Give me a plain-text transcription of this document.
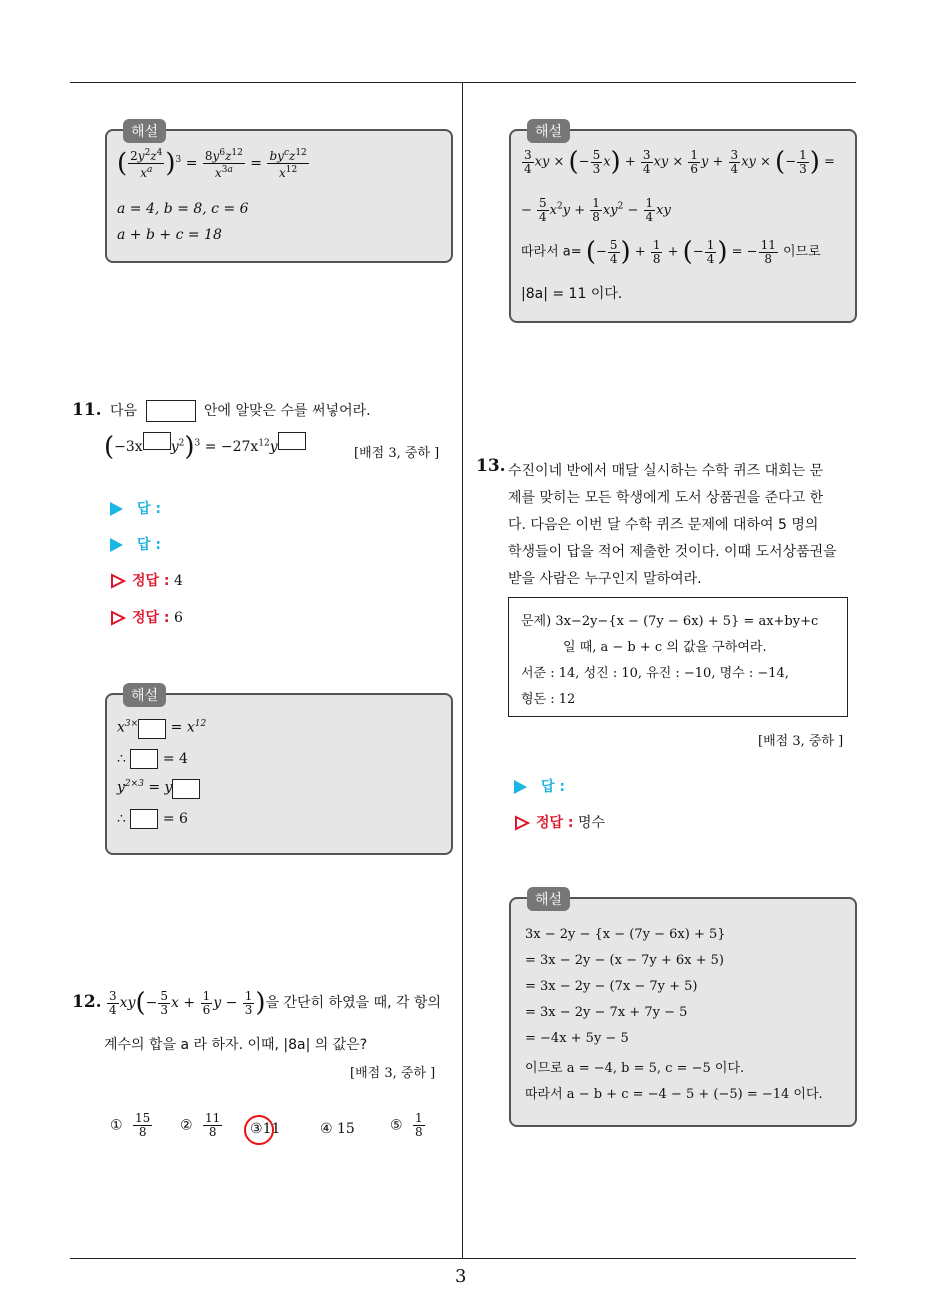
3
해설
( $\frac{2y^2z^4}{x^a} )^3 = \frac{8y^6z^{12}}{x^{3a}} = \frac{by^cz^{12}}{x^{12}}$
a = 4, b = 8, c = 6
a + b + c = 18
11. 다음	안에 알맞은 수를 써넣어라.
(−3x $y^2)^3 = -27x^{12}y$	[배점 3, 중하 ]
답 :
답 :
정답 : 4
정답 : 6
해설
$x^{3\times} = x^{12}$
∴  = 4
$y^{2\times 3} = y$
∴  = 6
12. $\frac{3}{4} xy(- \frac{5}{3}$ $x + \frac{1}{6}$ $y - \frac{1}{3}$ )을 간단히 하였을 때, 각 항의
계수의 합을 a 라 하자. 이때, |8a| 의 값은?
[배점 3, 중하 ]
① $\frac{15}{8}$ ② $\frac{11}{8}$ ③11	④ 15	⑤ $\frac{1}{8}$
해설
$\frac{3}{4}$ xy × (− $\frac{5}{3} x) + \frac{3}{4}$ xy × $\frac{1}{6}$ $y + \frac{3}{4}$ xy × (− $\frac{1}{3}$ ) =
− $\frac{5}{4} x^2y + \frac{1}{8} xy^2 - \frac{1}{4}$ xy
따라서 a= (− $\frac{5}{4}$ ) + $\frac{1}{8}$ + (− $\frac{1}{4}$ ) = − $\frac{11}{8}$ 이므로
|8a| = 11 이다.
13. 수진이네 반에서 매달 실시하는 수학 퀴즈 대회는 문
제를 맞히는 모든 학생에게 도서 상품권을 준다고 한
다. 다음은 이번 달 수학 퀴즈 문제에 대하여 5 명의
학생들이 답을 적어 제출한 것이다. 이때 도서상품권을
받을 사람은 누구인지 말하여라.
문제) 3x−2y−{x − (7y − 6x) + 5} = ax+by+c
일 때, a − b + c 의 값을 구하여라.
서준 : 14, 성진 : 10, 유진 : −10, 명수 : −14,
형돈 : 12
[배점 3, 중하 ]
답 :
정답 : 명수
해설
3x − 2y − {x − (7y − 6x) + 5}
= 3x − 2y − (x − 7y + 6x + 5)
= 3x − 2y − (7x − 7y + 5)
= 3x − 2y − 7x + 7y − 5
= −4x + 5y − 5
이므로 a = −4, b = 5, c = −5 이다.
따라서 a − b + c = −4 − 5 + (−5) = −14 이다.
